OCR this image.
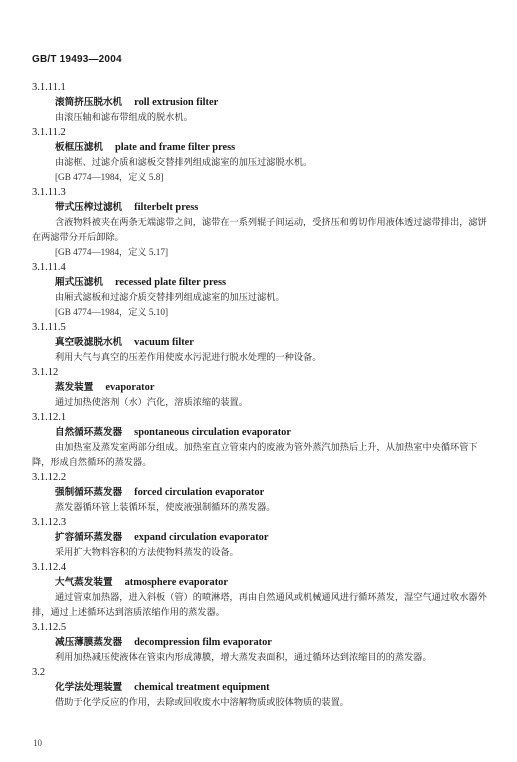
GB/T 19493—2004
3.1.11.1
滚筒挤压脱水机 roll extrusion filter
由滚压轴和滤布带组成的脱水机。
3.1.11.2
板框压滤机 plate and frame filter press
由滤框、过滤介质和滤板交替排列组成滤室的加压过滤脱水机。
[GB 4774—1984，定义 5.8]
3.1.11.3
带式压榨过滤机 filterbelt press
含液物料被夹在两条无端滤带之间，滤带在一系列辊子间运动，受挤压和剪切作用液体透过滤带排出，滤饼在两滤带分开后卸除。
[GB 4774—1984，定义 5.17]
3.1.11.4
厢式压滤机 recessed plate filter press
由厢式滤板和过滤介质交替排列组成滤室的加压过滤机。
[GB 4774—1984，定义 5.10]
3.1.11.5
真空吸滤脱水机 vacuum filter
利用大气与真空的压差作用使废水污泥进行脱水处理的一种设备。
3.1.12
蒸发装置 evaporator
通过加热使溶剂（水）汽化，溶质浓缩的装置。
3.1.12.1
自然循环蒸发器 spontaneous circulation evaporator
由加热室及蒸发室两部分组成。加热室直立管束内的废液为管外蒸汽加热后上升，从加热室中央循环管下降，形成自然循环的蒸发器。
3.1.12.2
强制循环蒸发器 forced circulation evaporator
蒸发器循环管上装循环泵，使废液强制循环的蒸发器。
3.1.12.3
扩容循环蒸发器 expand circulation evaporator
采用扩大物料容积的方法使物料蒸发的设备。
3.1.12.4
大气蒸发装置 atmosphere evaporator
通过管束加热器，进入斜板（管）的喷淋塔，再由自然通风或机械通风进行循环蒸发，湿空气通过收水器外排，通过上述循环达到溶质浓缩作用的蒸发器。
3.1.12.5
减压薄膜蒸发器 decompression film evaporator
利用加热减压使液体在管束内形成薄膜，增大蒸发表面积，通过循环达到浓缩目的的蒸发器。
3.2
化学法处理装置 chemical treatment equipment
借助于化学反应的作用，去除或回收废水中溶解物质或胶体物质的装置。
10
